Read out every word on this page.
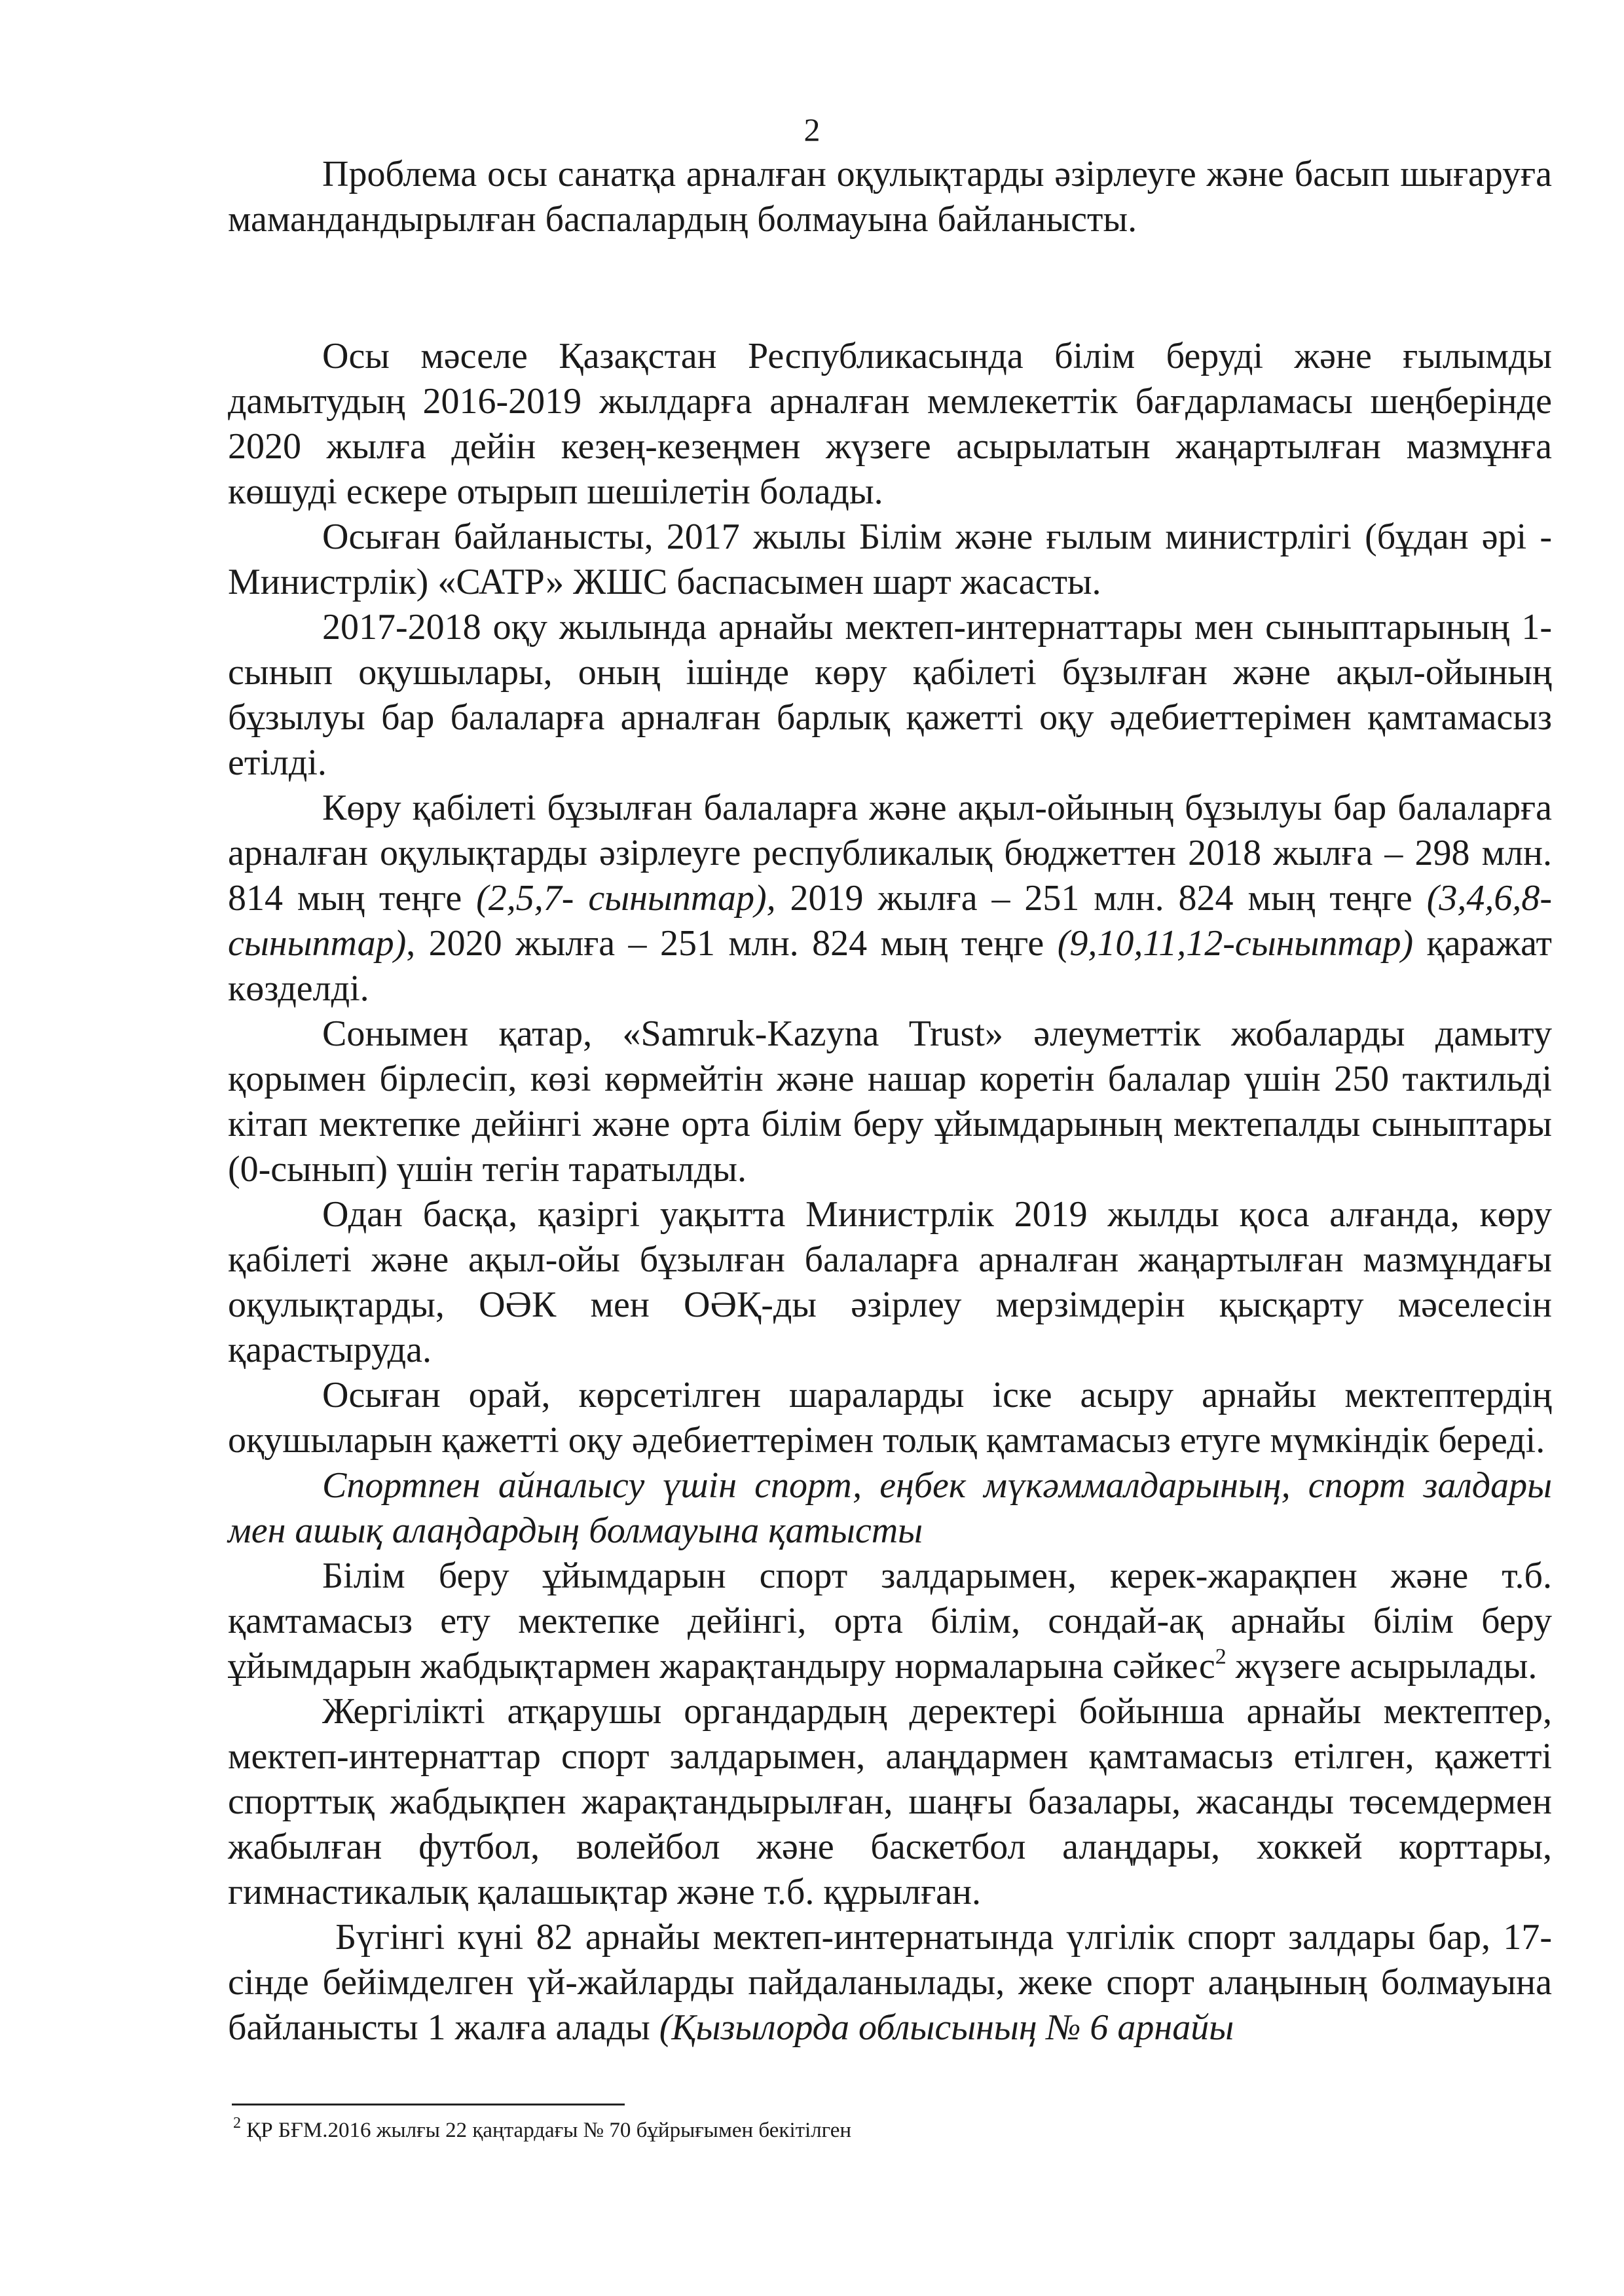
2

Проблема осы санатқа арналған оқулықтарды әзірлеуге және басып шығаруға мамандандырылған баспалардың болмауына байланысты.

Осы мәселе Қазақстан Республикасында білім беруді және ғылымды дамытудың 2016-2019 жылдарға арналған мемлекеттік бағдарламасы шеңберінде 2020 жылға дейін кезең-кезеңмен жүзеге асырылатын жаңартылған мазмұнға көшуді ескере отырып шешілетін болады.

Осыған байланысты, 2017 жылы Білім және ғылым министрлігі (бұдан әрі - Министрлік) «САТР» ЖШС баспасымен шарт жасасты.

2017-2018 оқу жылында арнайы мектеп-интернаттары мен сыныптарының 1-сынып оқушылары, оның ішінде көру қабілеті бұзылған және ақыл-ойының бұзылуы бар балаларға арналған барлық қажетті оқу әдебиеттерімен қамтамасыз етілді.

Көру қабілеті бұзылған балаларға және ақыл-ойының бұзылуы бар балаларға арналған оқулықтарды әзірлеуге республикалық бюджеттен 2018 жылға – 298 млн. 814 мың теңге (2,5,7- сыныптар), 2019 жылға – 251 млн. 824 мың теңге (3,4,6,8-сыныптар), 2020 жылға – 251 млн. 824 мың теңге (9,10,11,12-сыныптар) қаражат көзделді.

Сонымен қатар, «Samruk-Kazyna Trust» әлеуметтік жобаларды дамыту қорымен бірлесіп, көзі көрмейтін және нашар коретін балалар үшін 250 тактильді кітап мектепке дейінгі және орта білім беру ұйымдарының мектепалды сыныптары (0-сынып) үшін тегін таратылды.

Одан басқа, қазіргі уақытта Министрлік 2019 жылды қоса алғанда, көру қабілеті және ақыл-ойы бұзылған балаларға арналған жаңартылған мазмұндағы оқулықтарды, ОӘК мен ОӘҚ-ды әзірлеу мерзімдерін қысқарту мәселесін қарастыруда.

Осыған орай, көрсетілген шараларды іске асыру арнайы мектептердің оқушыларын қажетті оқу әдебиеттерімен толық қамтамасыз етуге мүмкіндік береді.

Спортпен айналысу үшін спорт, еңбек мүкәммалдарының, спорт залдары мен ашық алаңдардың болмауына қатысты

Білім беру ұйымдарын спорт залдарымен, керек-жарақпен және т.б. қамтамасыз ету мектепке дейінгі, орта білім, сондай-ақ арнайы білім беру ұйымдарын жабдықтармен жарақтандыру нормаларына сәйкес$^2$ жүзеге асырылады.

Жергілікті атқарушы органдардың деректері бойынша арнайы мектептер, мектеп-интернаттар спорт залдарымен, алаңдармен қамтамасыз етілген, қажетті спорттық жабдықпен жарақтандырылған, шаңғы базалары, жасанды төсемдермен жабылған футбол, волейбол және баскетбол алаңдары, хоккей корттары, гимнастикалық қалашықтар және т.б. құрылған.

Бүгінгі күні 82 арнайы мектеп-интернатында үлгілік спорт залдары бар, 17-сінде бейімделген үй-жайларды пайдаланылады, жеке спорт алаңының болмауына байланысты 1 жалға алады (Қызылорда облысының № 6 арнайы

$^2$ ҚР БҒМ.2016 жылғы 22 қаңтардағы № 70 бұйрығымен бекітілген
